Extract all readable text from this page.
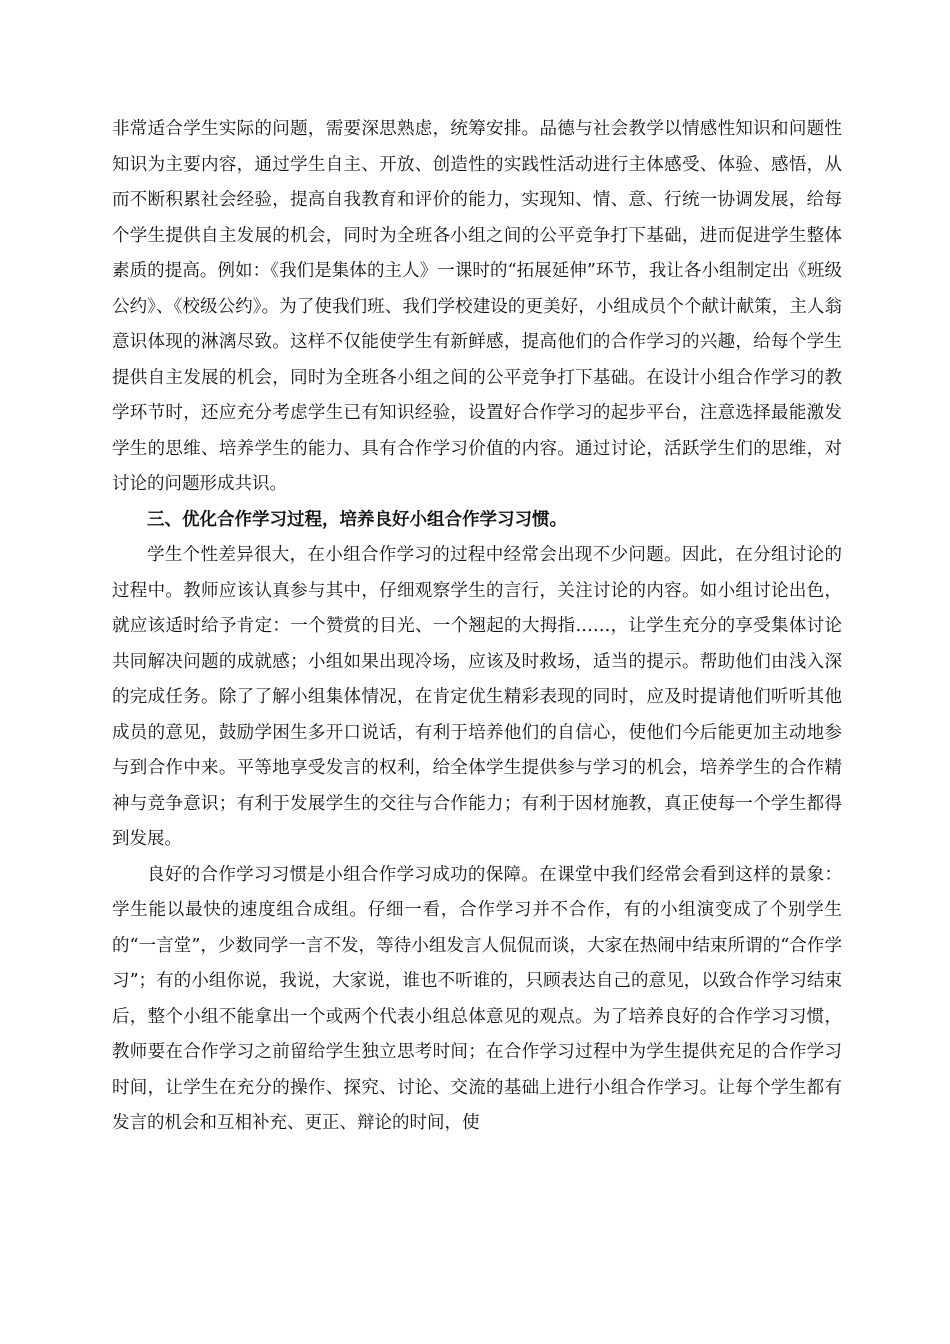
非常适合学生实际的问题，需要深思熟虑，统筹安排。品德与社会教学以情感性知识和问题性知识为主要内容，通过学生自主、开放、创造性的实践性活动进行主体感受、体验、感悟，从而不断积累社会经验，提高自我教育和评价的能力，实现知、情、意、行统一协调发展，给每个学生提供自主发展的机会，同时为全班各小组之间的公平竞争打下基础，进而促进学生整体素质的提高。例如：《我们是集体的主人》一课时的“拓展延伸”环节，我让各小组制定出《班级公约》、《校级公约》。为了使我们班、我们学校建设的更美好，小组成员个个献计献策，主人翁意识体现的淋漓尽致。这样不仅能使学生有新鲜感，提高他们的合作学习的兴趣，给每个学生提供自主发展的机会，同时为全班各小组之间的公平竞争打下基础。在设计小组合作学习的教学环节时，还应充分考虑学生已有知识经验，设置好合作学习的起步平台，注意选择最能激发学生的思维、培养学生的能力、具有合作学习价值的内容。通过讨论，活跃学生们的思维，对讨论的问题形成共识。

三、优化合作学习过程，培养良好小组合作学习习惯。

学生个性差异很大，在小组合作学习的过程中经常会出现不少问题。因此，在分组讨论的过程中。教师应该认真参与其中，仔细观察学生的言行，关注讨论的内容。如小组讨论出色，就应该适时给予肯定：一个赞赏的目光、一个翘起的大拇指……，让学生充分的享受集体讨论共同解决问题的成就感；小组如果出现冷场，应该及时救场，适当的提示。帮助他们由浅入深的完成任务。除了了解小组集体情况，在肯定优生精彩表现的同时，应及时提请他们听听其他成员的意见，鼓励学困生多开口说话，有利于培养他们的自信心，使他们今后能更加主动地参与到合作中来。平等地享受发言的权利，给全体学生提供参与学习的机会，培养学生的合作精神与竞争意识；有利于发展学生的交往与合作能力；有利于因材施教，真正使每一个学生都得到发展。

良好的合作学习习惯是小组合作学习成功的保障。在课堂中我们经常会看到这样的景象：学生能以最快的速度组合成组。仔细一看，合作学习并不合作，有的小组演变成了个别学生的“一言堂”，少数同学一言不发，等待小组发言人侃侃而谈，大家在热闹中结束所谓的“合作学习”；有的小组你说，我说，大家说，谁也不听谁的，只顾表达自己的意见，以致合作学习结束后，整个小组不能拿出一个或两个代表小组总体意见的观点。为了培养良好的合作学习习惯，教师要在合作学习之前留给学生独立思考时间；在合作学习过程中为学生提供充足的合作学习时间，让学生在充分的操作、探究、讨论、交流的基础上进行小组合作学习。让每个学生都有发言的机会和互相补充、更正、辩论的时间，使
